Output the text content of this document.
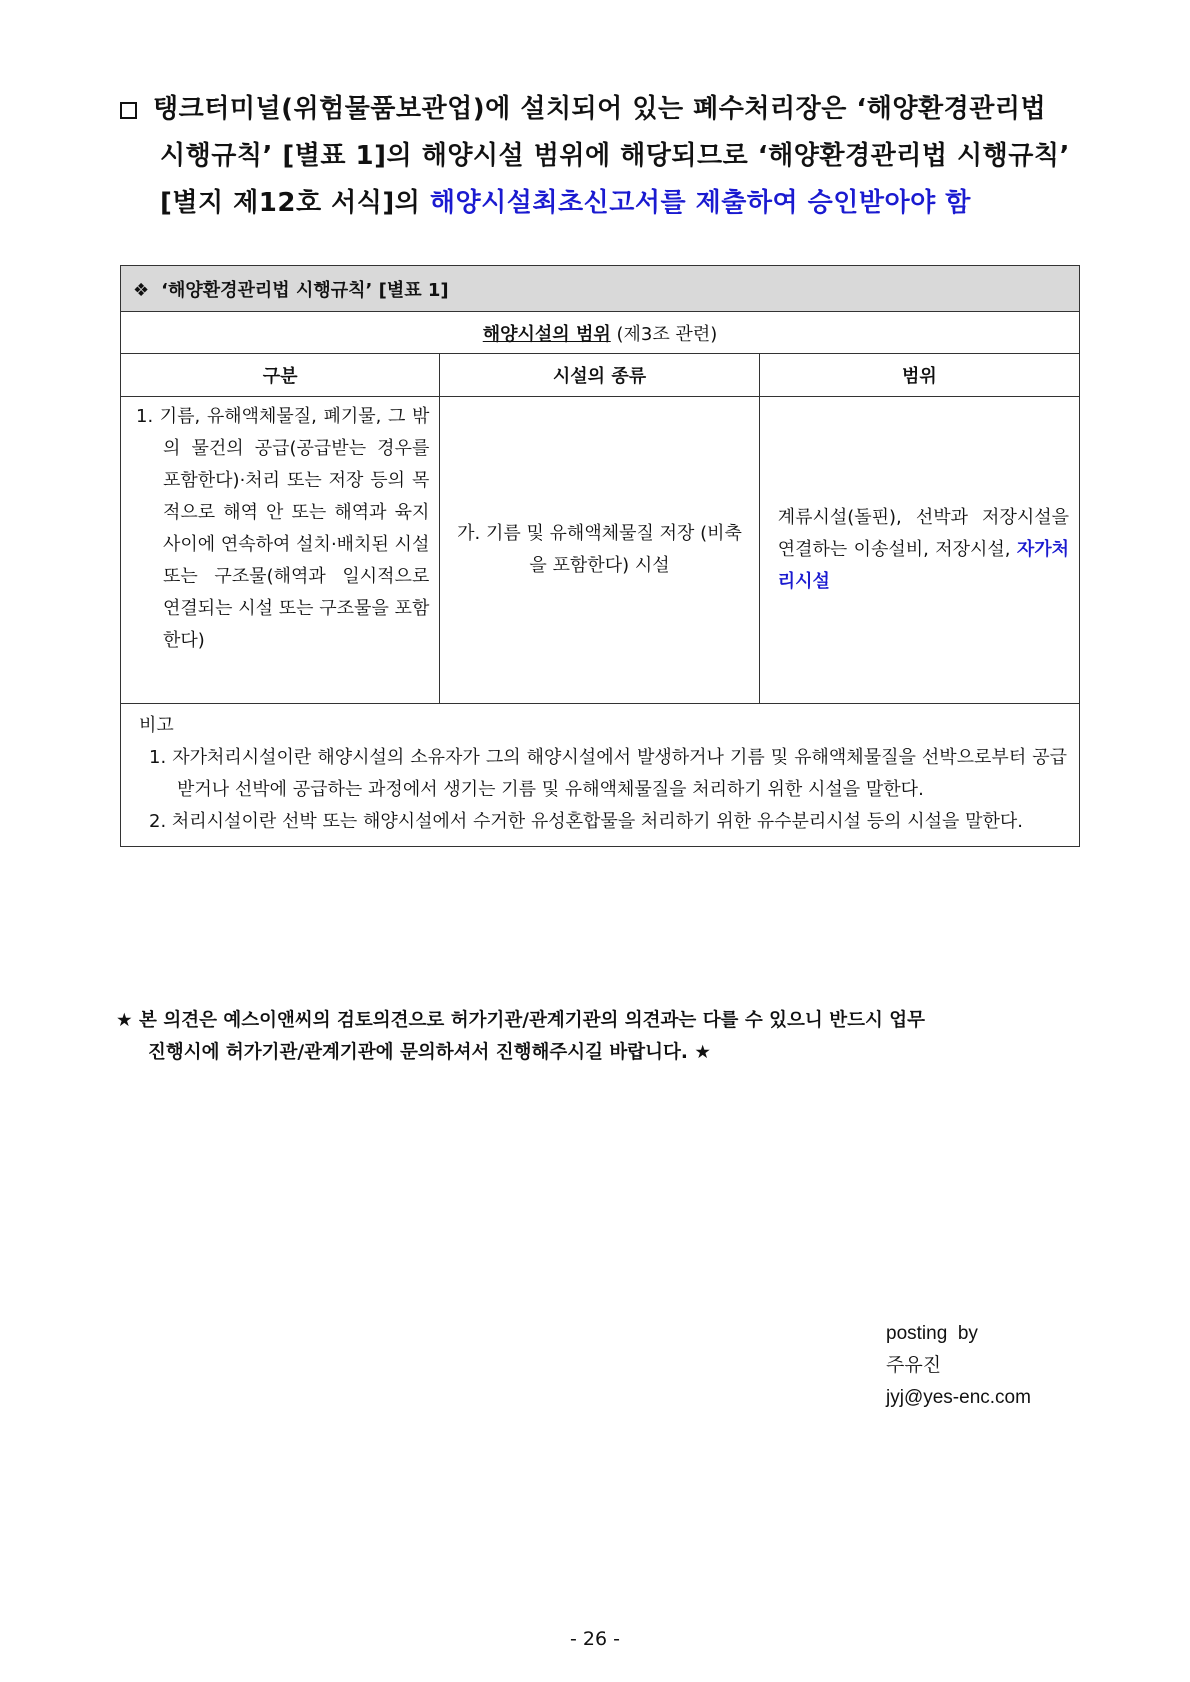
탱크터미널(위험물품보관업)에 설치되어 있는 폐수처리장은 ‘해양환경관리법
시행규칙’ [별표 1]의 해양시설 범위에 해당되므로 ‘해양환경관리법 시행규칙’
[별지 제12호 서식]의 해양시설최초신고서를 제출하여 승인받아야 함
❖ ‘해양환경관리법 시행규칙’ [별표 1]		
해양시설의 범위 (제3조 관련)		
구분	시설의 종류	범위
1. 기름, 유해액체물질, 폐기물, 그 밖의 물건의 공급(공급받는 경우를 포함한다)·처리 또는 저장 등의 목적으로 해역 안 또는 해역과 육지 사이에 연속하여 설치·배치된 시설 또는 구조물(해역과 일시적으로 연결되는 시설 또는 구조물을 포함한다)	가. 기름 및 유해액체물질 저장 (비축을 포함한다) 시설	계류시설(돌핀), 선박과 저장시설을 연결하는 이송설비, 저장시설, 자가처리시설

비고
1. 자가처리시설이란 해양시설의 소유자가 그의 해양시설에서 발생하거나 기름 및 유해액체물질을 선박으로부터 공급받거나 선박에 공급하는 과정에서 생기는 기름 및 유해액체물질을 처리하기 위한 시설을 말한다.
2. 처리시설이란 선박 또는 해양시설에서 수거한 유성혼합물을 처리하기 위한 유수분리시설 등의 시설을 말한다.		
★ 본 의견은 예스이앤씨의 검토의견으로 허가기관/관계기관의 의견과는 다를 수 있으니 반드시 업무
진행시에 허가기관/관계기관에 문의하셔서 진행해주시길 바랍니다. ★
posting  by
주유진
jyj@yes-enc.com
- 26 -
